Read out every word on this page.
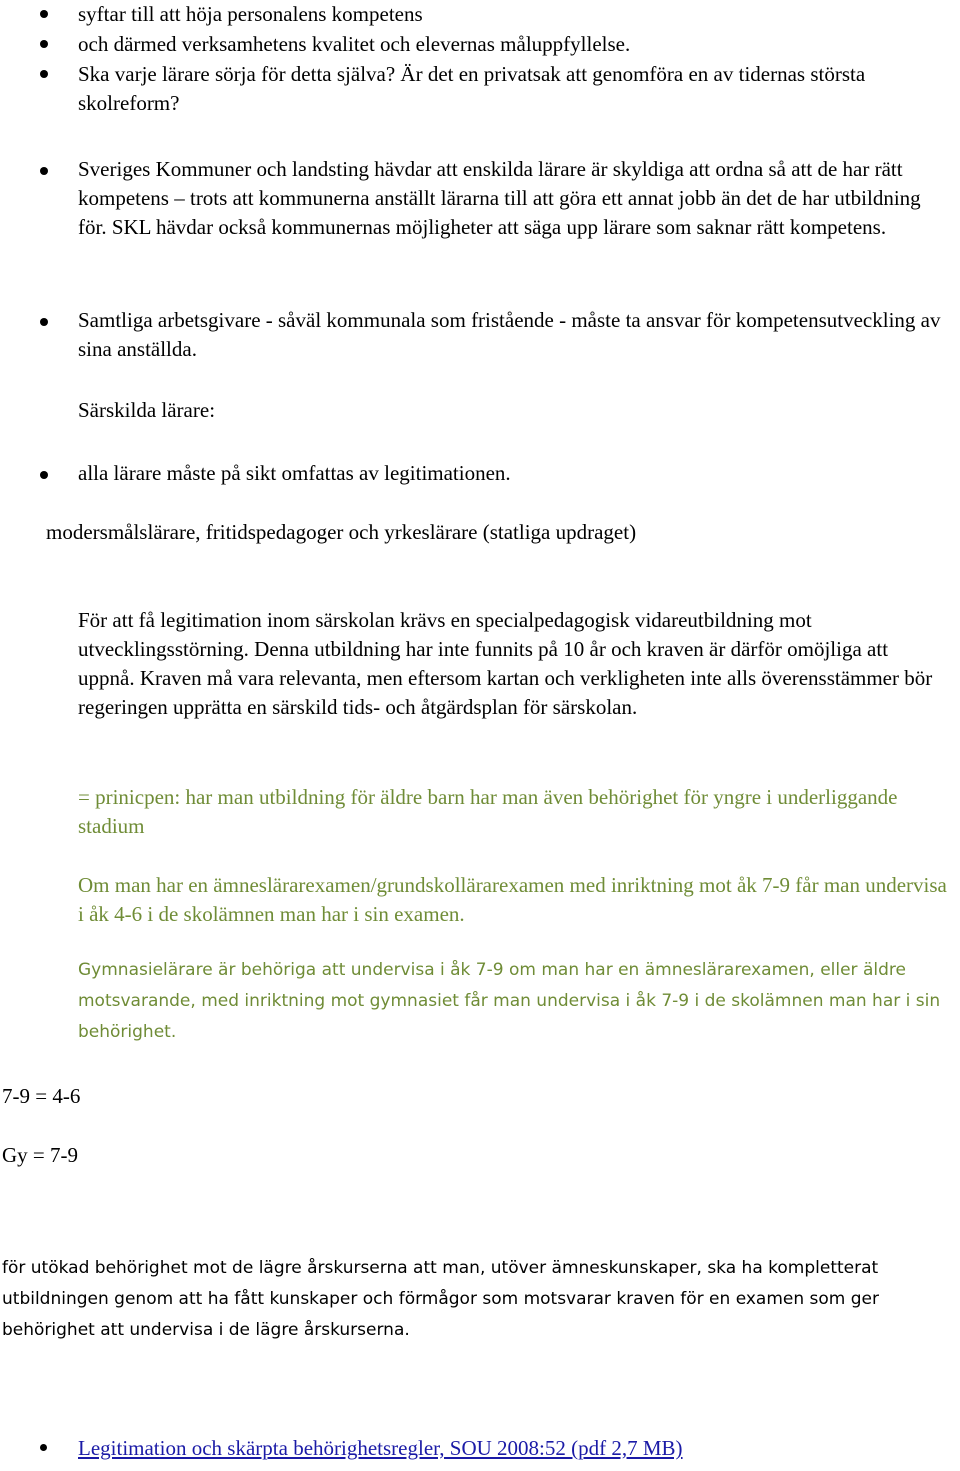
syftar till att höja personalens kompetens
och därmed verksamhetens kvalitet och elevernas måluppfyllelse.
Ska varje lärare sörja för detta själva? Är det en privatsak att genomföra en av tidernas största skolreform?
Sveriges Kommuner och landsting hävdar att enskilda lärare är skyldiga att ordna så att de har rätt kompetens – trots att kommunerna anställt lärarna till att göra ett annat jobb än det de har utbildning för. SKL hävdar också kommunernas möjligheter att säga upp lärare som saknar rätt kompetens.
Samtliga arbetsgivare - såväl kommunala som fristående - måste ta ansvar för kompetensutveckling av sina anställda.
Särskilda lärare:
alla lärare måste på sikt omfattas av legitimationen.
modersmålslärare, fritidspedagoger och yrkeslärare (statliga updraget)
För att få legitimation inom särskolan krävs en specialpedagogisk vidareutbildning mot utvecklingsstörning. Denna utbildning har inte funnits på 10 år och kraven är därför omöjliga att uppnå. Kraven må vara relevanta, men eftersom kartan och verkligheten inte alls överensstämmer bör regeringen upprätta en särskild tids- och åtgärdsplan för särskolan.
= prinicpen: har man utbildning för äldre barn har man även behörighet för yngre i underliggande stadium
Om man har en ämneslärarexamen/grundskollärarexamen med inriktning mot åk 7-9 får man undervisa i åk 4-6 i de skolämnen man har i sin examen.
Gymnasielärare är behöriga att undervisa i åk 7-9 om man har en ämneslärarexamen, eller äldre motsvarande, med inriktning mot gymnasiet får man undervisa i åk 7-9 i de skolämnen man har i sin behörighet.
7-9 = 4-6
Gy = 7-9
för utökad behörighet mot de lägre årskurserna att man, utöver ämneskunskaper, ska ha kompletterat utbildningen genom att ha fått kunskaper och förmågor som motsvarar kraven för en examen som ger behörighet att undervisa i de lägre årskurserna.
Legitimation och skärpta behörighetsregler, SOU 2008:52 (pdf 2,7 MB)
